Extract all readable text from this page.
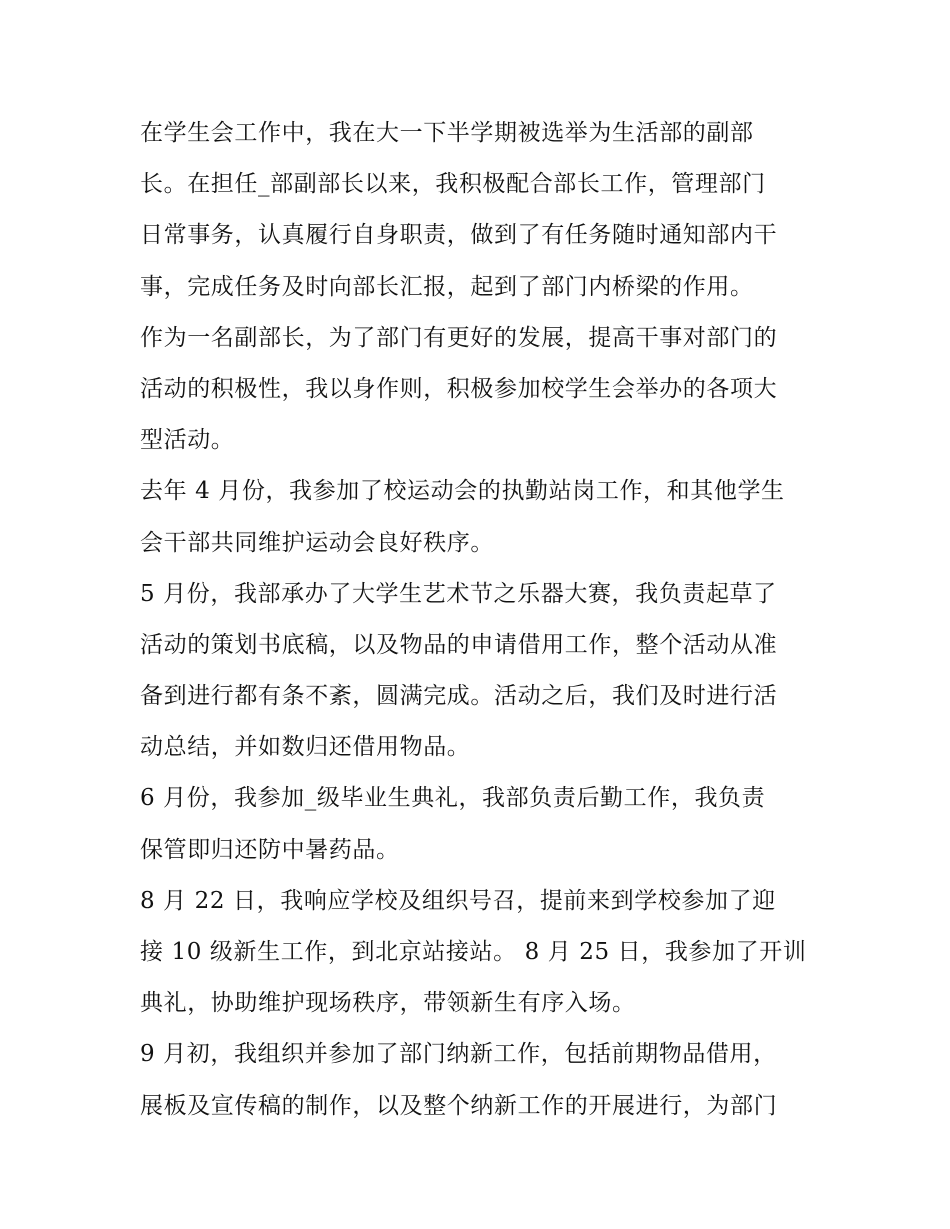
在学生会工作中，我在大一下半学期被选举为生活部的副部
长。在担任_部副部长以来，我积极配合部长工作，管理部门
日常事务，认真履行自身职责，做到了有任务随时通知部内干
事，完成任务及时向部长汇报，起到了部门内桥梁的作用。
作为一名副部长，为了部门有更好的发展，提高干事对部门的
活动的积极性，我以身作则，积极参加校学生会举办的各项大
型活动。
去年 4 月份，我参加了校运动会的执勤站岗工作，和其他学生
会干部共同维护运动会良好秩序。
5 月份，我部承办了大学生艺术节之乐器大赛，我负责起草了
活动的策划书底稿，以及物品的申请借用工作，整个活动从准
备到进行都有条不紊，圆满完成。活动之后，我们及时进行活
动总结，并如数归还借用物品。
6 月份，我参加_级毕业生典礼，我部负责后勤工作，我负责
保管即归还防中暑药品。
8 月 22 日，我响应学校及组织号召，提前来到学校参加了迎
接 10 级新生工作，到北京站接站。 8 月 25 日，我参加了开训
典礼，协助维护现场秩序，带领新生有序入场。
9 月初，我组织并参加了部门纳新工作，包括前期物品借用，
展板及宣传稿的制作，以及整个纳新工作的开展进行，为部门
